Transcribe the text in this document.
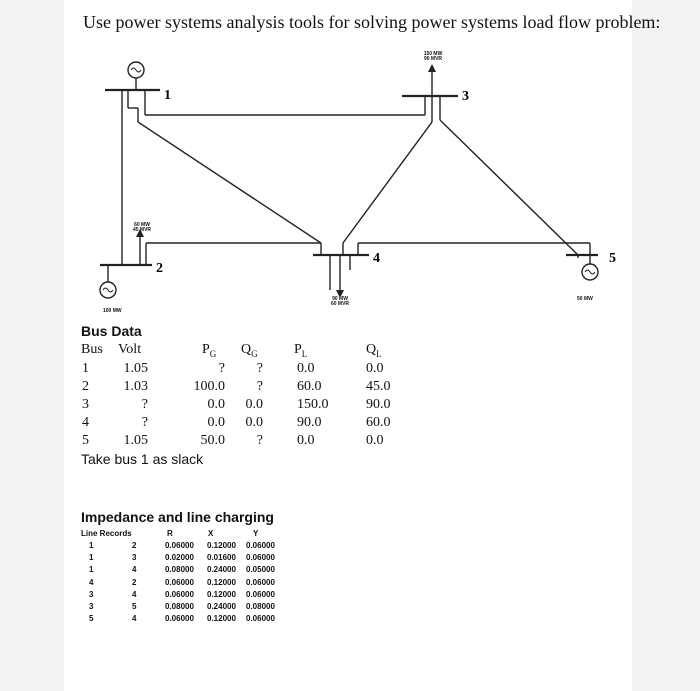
Use power systems analysis tools for solving power systems load flow problem:
1
2
3
4	5
150 MW
90 MVR
60 MW
45 MVR
90 MW
60 MVR
100 MW
50 MW
Bus Data
Bus Volt	$P_G$ $Q_G$	$P_L$	$Q_L$
1 1.05	? ? 0.0	0.0
2 1.03	100.0 ? 60.0	45.0
3	?	0.0 0.0 150.0	90.0
4	?	0.0 0.0 90.0	60.0
5 1.05	50.0 ? 0.0	0.0
Take bus 1 as slack
Impedance and line charging
Line Records	R	X	Y
1	2	0.06000 0.12000 0.06000
1	3	0.02000 0.01600 0.06000
1	4	0.08000 0.24000 0.05000
4	2	0.06000 0.12000 0.06000
3	4	0.06000 0.12000 0.06000
3	5	0.08000 0.24000 0.08000
5	4	0.06000 0.12000 0.06000
